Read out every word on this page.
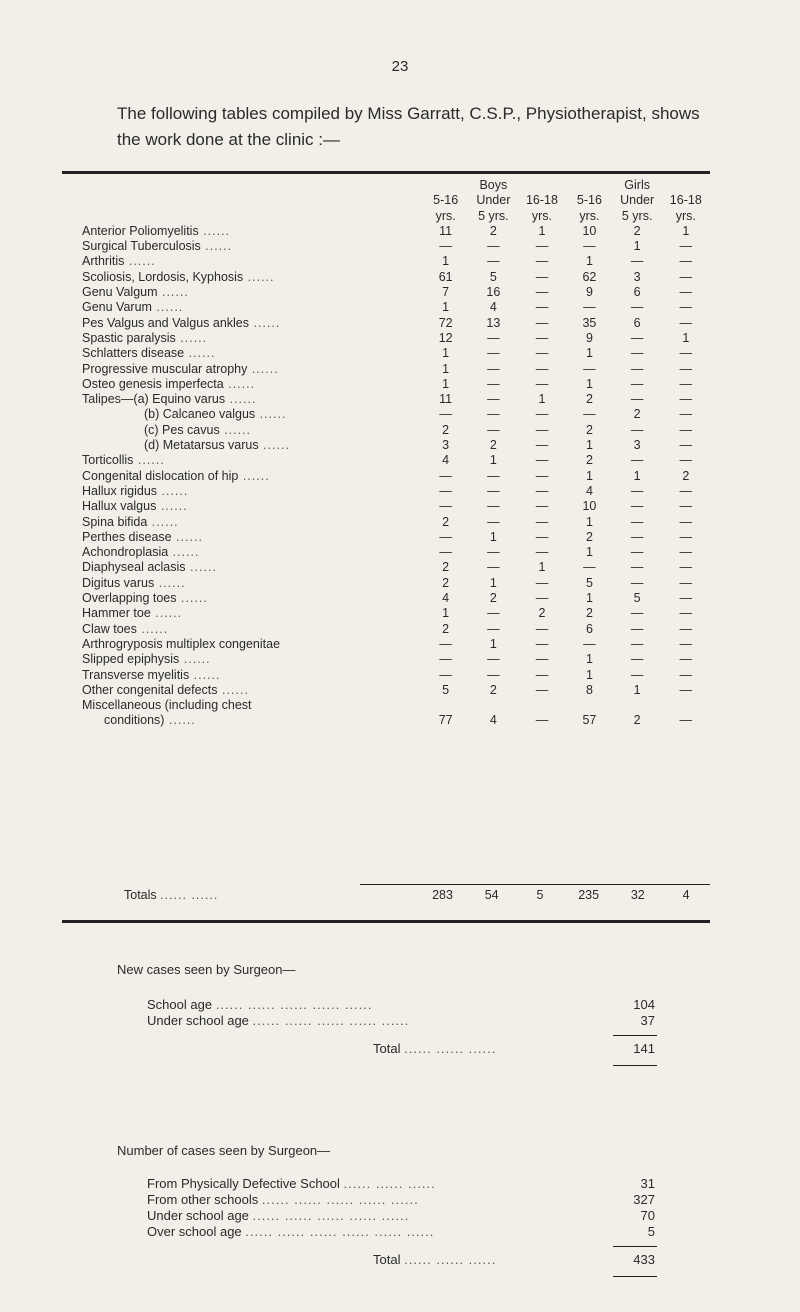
23
The following tables compiled by Miss Garratt, C.S.P., Physiotherapist, shows the work done at the clinic :—
		Boys			Girls	
	5-16	Under	16-18	5-16	Under	16-18
	yrs.	5 yrs.	yrs.	yrs.	5 yrs.	yrs.
Anterior Poliomyelitis ......	11	2	1	10	2	1
Surgical Tuberculosis ......	—	—	—	—	1	—
Arthritis ......	1	—	—	1	—	—
Scoliosis, Lordosis, Kyphosis ......	61	5	—	62	3	—
Genu Valgum ......	7	16	—	9	6	—
Genu Varum ......	1	4	—	—	—	—
Pes Valgus and Valgus ankles ......	72	13	—	35	6	—
Spastic paralysis ......	12	—	—	9	—	1
Schlatters disease ......	1	—	—	1	—	—
Progressive muscular atrophy ......	1	—	—	—	—	—
Osteo genesis imperfecta ......	1	—	—	1	—	—
Talipes—(a) Equino varus ......	11	—	1	2	—	—
(b) Calcaneo valgus ......	—	—	—	—	2	—
(c) Pes cavus ......	2	—	—	2	—	—
(d) Metatarsus varus ......	3	2	—	1	3	—
Torticollis ......	4	1	—	2	—	—
Congenital dislocation of hip ......	—	—	—	1	1	2
Hallux rigidus ......	—	—	—	4	—	—
Hallux valgus ......	—	—	—	10	—	—
Spina bifida ......	2	—	—	1	—	—
Perthes disease ......	—	1	—	2	—	—
Achondroplasia ......	—	—	—	1	—	—
Diaphyseal aclasis ......	2	—	1	—	—	—
Digitus varus ......	2	1	—	5	—	—
Overlapping toes ......	4	2	—	1	5	—
Hammer toe ......	1	—	2	2	—	—
Claw toes ......	2	—	—	6	—	—
Arthrogryposis multiplex congenitae	—	1	—	—	—	—
Slipped epiphysis ......	—	—	—	1	—	—
Transverse myelitis ......	—	—	—	1	—	—
Other congenital defects ......	5	2	—	8	1	—
Miscellaneous (including chest						
conditions) ......	77	4	—	57	2	—
Totals ...... ......	283	54	5	235	32	4
New cases seen by Surgeon—
School age ...... ...... ...... ...... ......	104
Under school age ...... ...... ...... ...... ......	37
Total ...... ...... ......	141
Number of cases seen by Surgeon—
From Physically Defective School ...... ...... ......	31
From other schools ...... ...... ...... ...... ......	327
Under school age ...... ...... ...... ...... ......	70
Over school age ...... ...... ...... ...... ...... ......	5
Total ...... ...... ......	433
